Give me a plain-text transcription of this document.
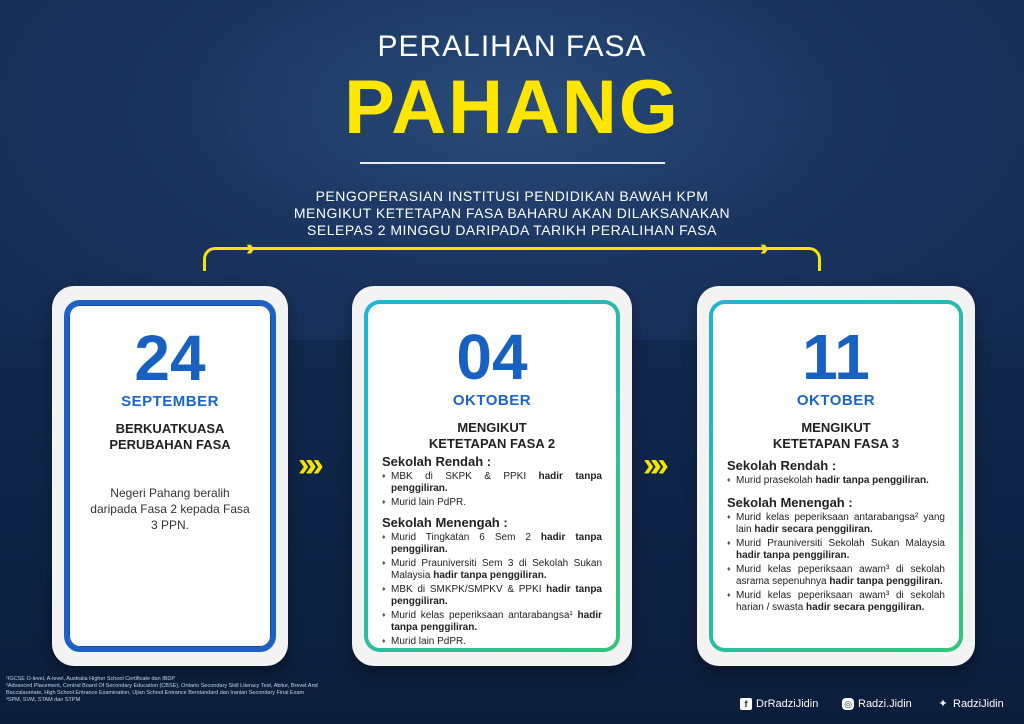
PERALIHAN FASA
PAHANG
PENGOPERASIAN INSTITUSI PENDIDIKAN BAWAH KPM
MENGIKUT KETETAPAN FASA BAHARU AKAN DILAKSANAKAN
SELEPAS 2 MINGGU DARIPADA TARIKH PERALIHAN FASA
››	››
24
SEPTEMBER
BERKUATKUASA
PERUBAHAN FASA
Negeri Pahang beralih daripada Fasa 2 kepada Fasa 3 PPN.
»»
04
OKTOBER
MENGIKUT
KETETAPAN FASA 2
Sekolah Rendah :
♦ MBK di SKPK & PPKI hadir tanpa penggiliran.
♦ Murid lain PdPR.
Sekolah Menengah :
♦ Murid Tingkatan 6 Sem 2 hadir tanpa penggiliran.
♦ Murid Prauniversiti Sem 3 di Sekolah Sukan Malaysia hadir tanpa penggiliran.
♦ MBK di SMKPK/SMPKV & PPKI hadir tanpa penggiliran.
♦ Murid kelas peperiksaan antarabangsa¹ hadir tanpa penggiliran.
♦ Murid lain PdPR.
»»
11
OKTOBER
MENGIKUT
KETETAPAN FASA 3
Sekolah Rendah :
♦ Murid prasekolah hadir tanpa penggiliran.
Sekolah Menengah :
♦ Murid kelas peperiksaan antarabangsa² yang lain hadir secara penggiliran.
♦ Murid Prauniversiti Sekolah Sukan Malaysia hadir tanpa penggiliran.
♦ Murid kelas peperiksaan awam³ di sekolah asrama sepenuhnya hadir tanpa penggiliran.
♦ Murid kelas peperiksaan awam³ di sekolah harian / swasta hadir secara penggiliran.
¹IGCSE O-level, A-level, Australia Higher School Certificate dan IBDP
²Advanced Placement, Central Board Of Secondary Education (CBSE), Ontario Secondary Skill Literacy Test, Abitur, Brevet And Baccalauréate, High School Entrance Examination, Ujian School Entrance Berstandard dan Iranian Secondary Final Exam
³SPM, SVM, STAM dan STPM	f DrRadziJidin	◎ Radzi.Jidin ✦ RadziJidin
